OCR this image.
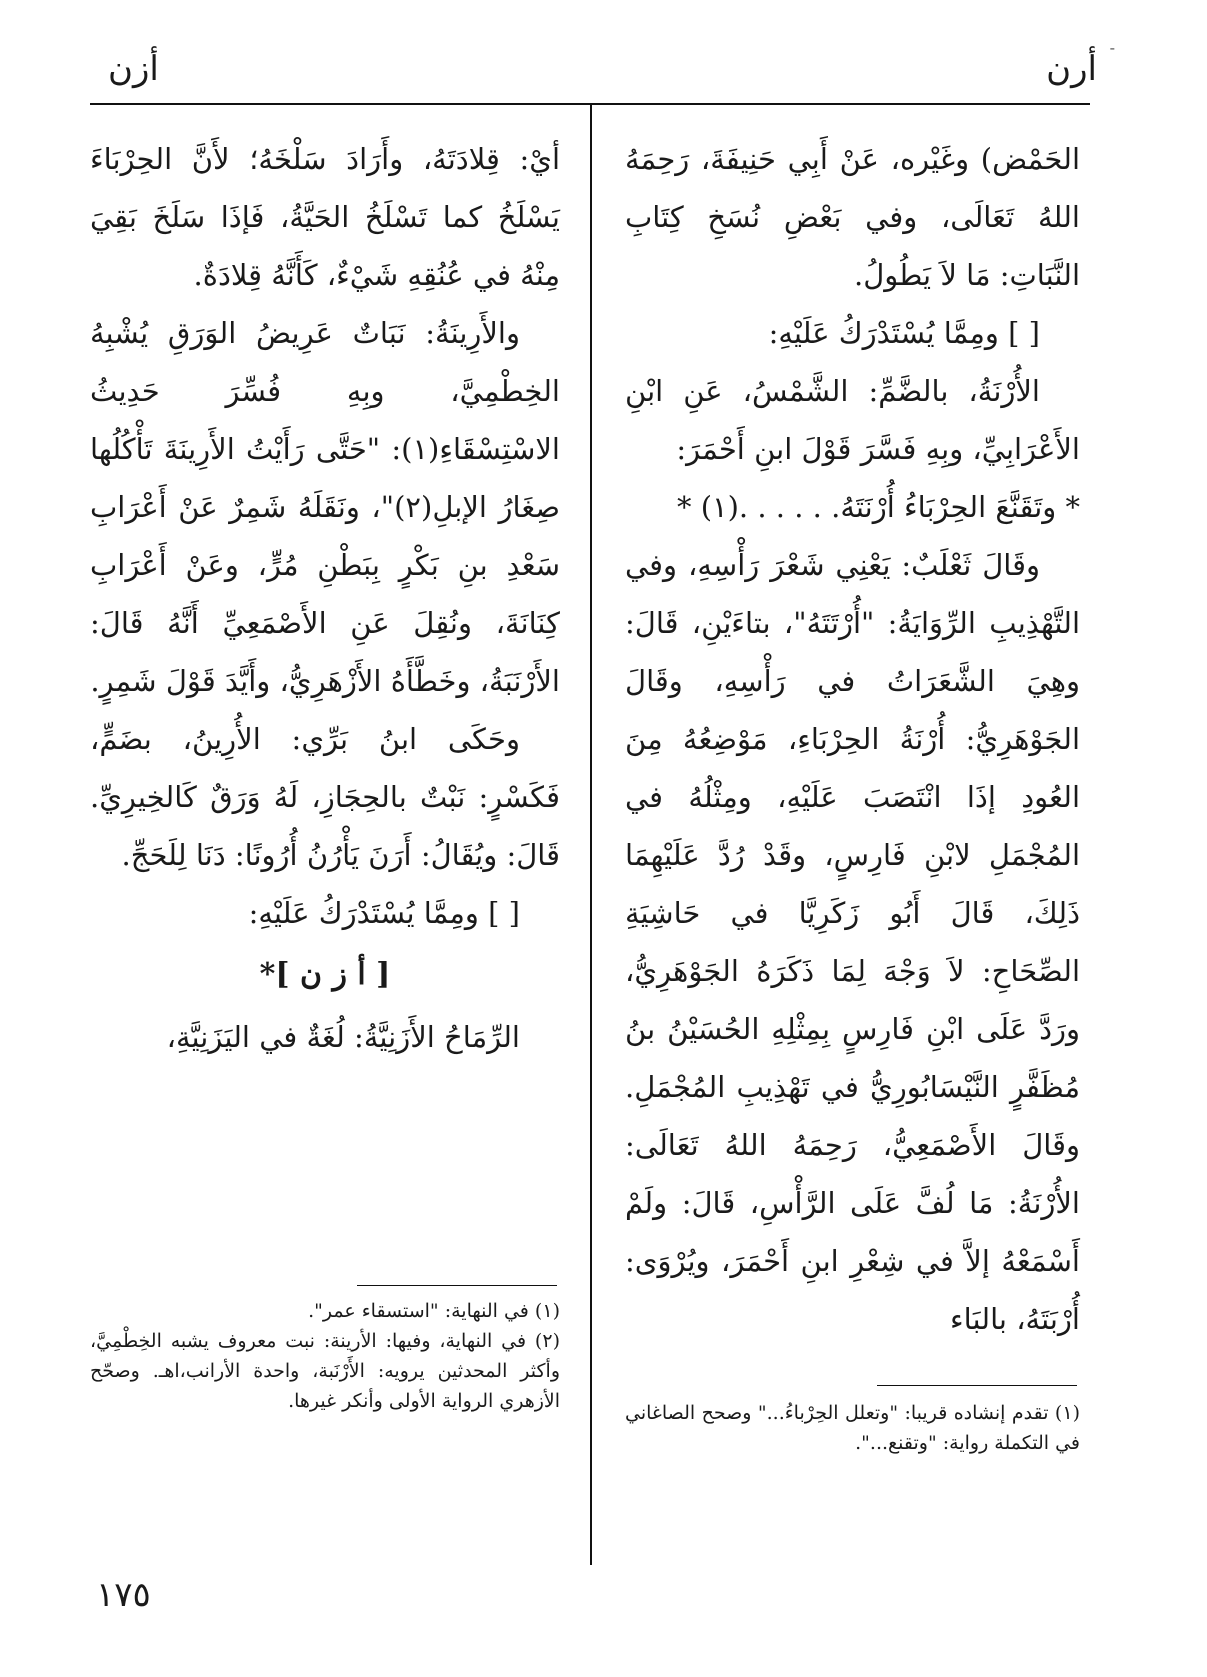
-
أرن
أزن

الحَمْض) وغَيْره، عَنْ أَبِي حَنِيفَةَ، رَحِمَهُ اللهُ تَعَالَى، وفي بَعْضِ نُسَخِ كِتَابِ النَّبَاتِ: مَا لاَ يَطُولُ.

[ ] ومِمَّا يُسْتَدْرَكُ عَلَيْهِ:

الأُرْنَةُ، بالضَّمِّ: الشَّمْسُ، عَنِ ابْنِ الأَعْرَابِيِّ، وبِهِ فَسَّرَ قَوْلَ ابنِ أَحْمَرَ:

* وتَقَنَّعَ الحِرْبَاءُ أُرْنَتَهُ. . . . . .(١) *

وقَالَ ثَعْلَبٌ: يَعْنِي شَعْرَ رَأْسِهِ، وفي التَّهْذِيبِ الرِّوَايَةُ: "أُرْتَتَهُ"، بتاءَيْنِ، قَالَ: وهِيَ الشَّعَرَاتُ في رَأْسِهِ، وقَالَ الجَوْهَرِيُّ: أُرْنَةُ الحِرْبَاءِ، مَوْضِعُهُ مِنَ العُودِ إذَا انْتَصَبَ عَلَيْهِ، ومِثْلُهُ في المُجْمَلِ لابْنِ فَارِسٍ، وقَدْ رُدَّ عَلَيْهِمَا ذَلِكَ، قَالَ أَبُو زَكَرِيَّا في حَاشِيَةِ الصِّحَاحِ: لاَ وَجْهَ لِمَا ذَكَرَهُ الجَوْهَرِيُّ، ورَدَّ عَلَى ابْنِ فَارِسٍ بِمِثْلِهِ الحُسَيْنُ بنُ مُظَفَّرٍ النَّيْسَابُورِيُّ في تَهْذِيبِ المُجْمَلِ. وقَالَ الأَصْمَعِيُّ، رَحِمَهُ اللهُ تَعَالَى: الأُرْنَةُ: مَا لُفَّ عَلَى الرَّأْسِ، قَالَ: ولَمْ أَسْمَعْهُ إلاَّ في شِعْرِ ابنِ أَحْمَرَ، ويُرْوَى: أُرْبَتَهُ، بالبَاء

أيْ: قِلادَتَهُ، وأَرَادَ سَلْخَهُ؛ لأَنَّ الحِرْبَاءَ يَسْلَخُ كما تَسْلَخُ الحَيَّةُ، فَإذَا سَلَخَ بَقِيَ مِنْهُ في عُنُقِهِ شَيْءٌ، كَأَنَّهُ قِلادَةٌ.

والأَرِينَةُ: نَبَاتٌ عَرِيضُ الوَرَقِ يُشْبِهُ الخِطْمِيَّ، وبِهِ فُسِّرَ حَدِيثُ الاسْتِسْقَاءِ(١): "حَتَّى رَأَيْتُ الأَرِينَةَ تَأْكُلُها صِغَارُ الإبلِ(٢)"، ونَقَلَهُ شَمِرٌ عَنْ أَعْرَابِ سَعْدِ بنِ بَكْرٍ بِبَطْنِ مُرٍّ، وعَنْ أَعْرَابِ كِنَانَةَ، ونُقِلَ عَنِ الأَصْمَعِيِّ أَنَّهُ قَالَ: الأَرْنَبَةُ، وخَطَّأَهُ الأَزْهَرِيُّ، وأَيَّدَ قَوْلَ شَمِرٍ.

وحَكَى ابنُ بَرِّي: الأُرِينُ، بضَمٍّ، فَكَسْرٍ: نَبْتٌ بالحِجَازِ، لَهُ وَرَقٌ كَالخِيرِيِّ. قَالَ: ويُقَالُ: أَرَنَ يَأْرُنُ أُرُونًا: دَنَا لِلَحَجِّ.

[ ] ومِمَّا يُسْتَدْرَكُ عَلَيْهِ:

[ أ ز ن ]*

الرِّمَاحُ الأَزَنِيَّةُ: لُغَةٌ في اليَزَنِيَّةِ،

(١) تقدم إنشاده قريبا: "وتعلل الحِرْباءُ..." وصحح الصاغاني في التكملة رواية: "وتقنع...".

(١) في النهاية: "استسقاء عمر".

(٢) في النهاية، وفيها: الأرينة: نبت معروف يشبه الخِطْمِيَّ، وأكثر المحدثين يرويه: الأَرْنَبة، واحدة الأرانب،اهـ. وصحّح الأزهري الرواية الأولى وأنكر غيرها.

١٧٥
